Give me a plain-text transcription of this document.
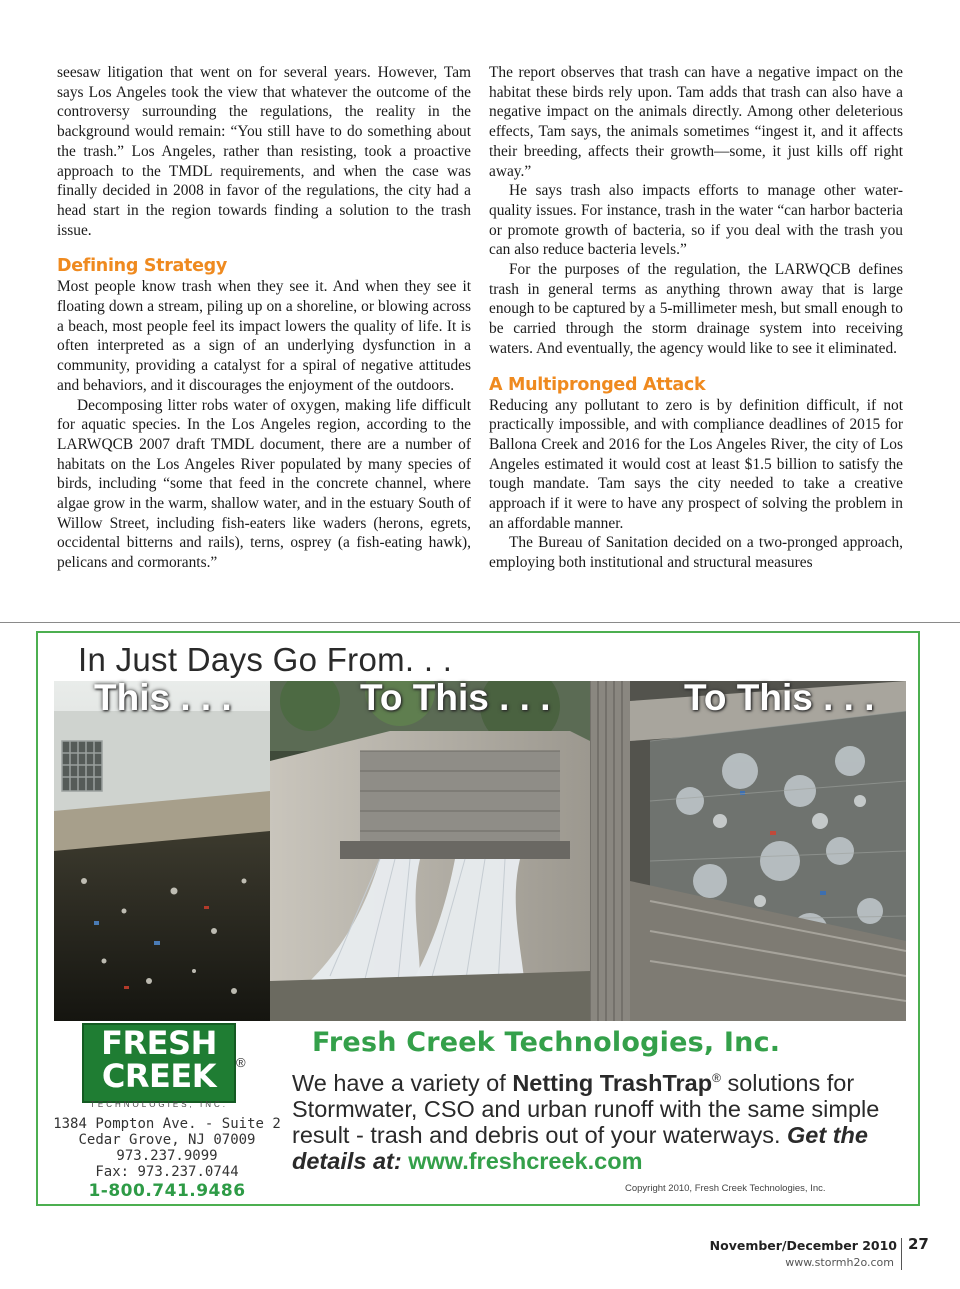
seesaw litigation that went on for several years. However, Tam says Los Angeles took the view that whatever the outcome of the controversy surrounding the regulations, the reality in the background would remain: “You still have to do something about the trash.” Los Angeles, rather than resisting, took a proactive approach to the TMDL requirements, and when the case was finally decided in 2008 in favor of the regulations, the city had a head start in the region towards finding a solution to the trash issue.

Defining Strategy

Most people know trash when they see it. And when they see it floating down a stream, piling up on a shoreline, or blowing across a beach, most people feel its impact lowers the quality of life. It is often interpreted as a sign of an underlying dysfunction in a community, providing a catalyst for a spiral of negative attitudes and behaviors, and it discourages the enjoyment of the outdoors.

Decomposing litter robs water of oxygen, making life difficult for aquatic species. In the Los Angeles region, according to the LARWQCB 2007 draft TMDL document, there are a number of habitats on the Los Angeles River populated by many species of birds, including “some that feed in the concrete channel, where algae grow in the warm, shallow water, and in the estuary South of Willow Street, including fish-eaters like waders (herons, egrets, occidental bitterns and rails), terns, osprey (a fish-eating hawk), pelicans and cormorants.”

The report observes that trash can have a negative impact on the habitat these birds rely upon. Tam adds that trash can also have a negative impact on the animals directly. Among other deleterious effects, Tam says, the animals sometimes “ingest it, and it affects their breeding, affects their growth—some, it just kills off right away.”

He says trash also impacts efforts to manage other water-quality issues. For instance, trash in the water “can harbor bacteria or promote growth of bacteria, so if you deal with the trash you can also reduce bacteria levels.”

For the purposes of the regulation, the LARWQCB defines trash in general terms as anything thrown away that is large enough to be captured by a 5-millimeter mesh, but small enough to be carried through the storm drainage system into receiving waters. And eventually, the agency would like to see it eliminated.

A Multipronged Attack

Reducing any pollutant to zero is by definition difficult, if not practically impossible, and with compliance deadlines of 2015 for Ballona Creek and 2016 for the Los Angeles River, the city of Los Angeles estimated it would cost at least $1.5 billion to satisfy the tough mandate. Tam says the city needed to take a creative approach if it were to have any prospect of solving the problem in an affordable manner.

The Bureau of Sanitation decided on a two-pronged approach, employing both institutional and structural measures

In Just Days Go From. . .
This . . .	To This . . .	To This . . .
FRESH
CREEK	®
TECHNOLOGIES, INC.
1384 Pompton Ave. - Suite 2
Cedar Grove, NJ 07009
973.237.9099
Fax: 973.237.0744
1-800.741.9486
Fresh Creek Technologies, Inc.
We have a variety of Netting TrashTrap® solutions for Stormwater, CSO and urban runoff with the same simple result - trash and debris out of your waterways. Get the details at: www.freshcreek.com
Copyright 2010, Fresh Creek Technologies, Inc.
November/December 2010
www.stormh2o.com
27
